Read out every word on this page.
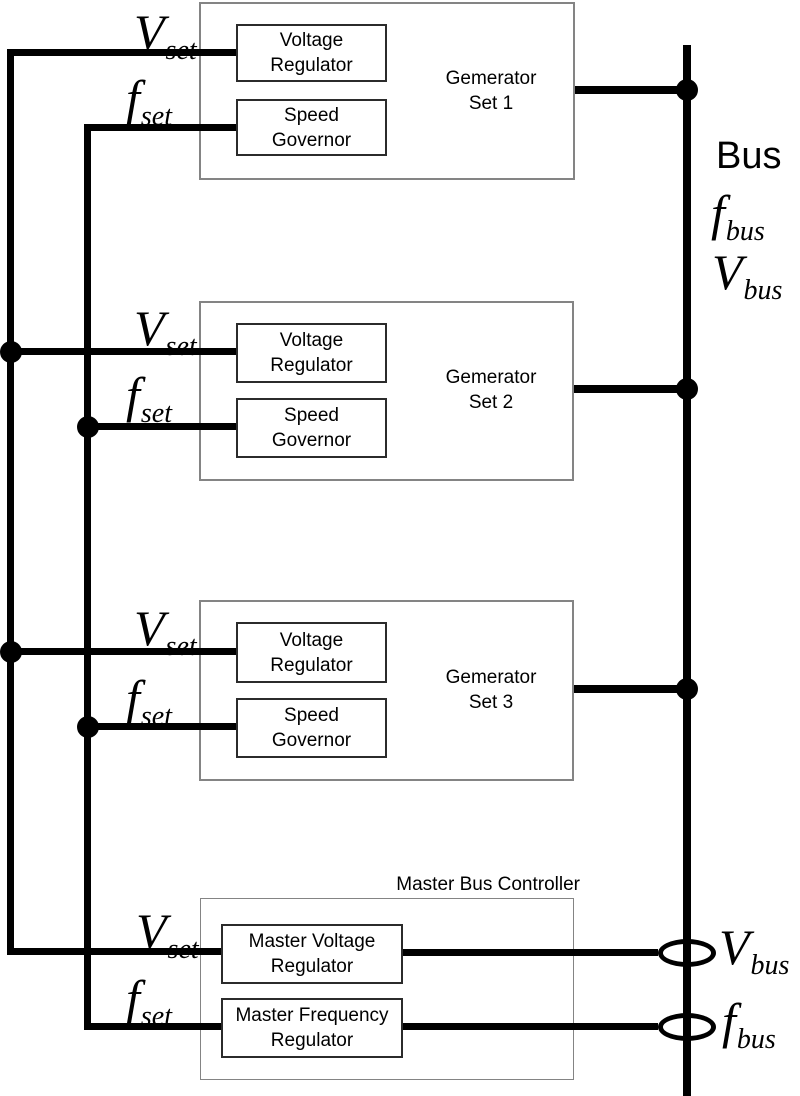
Gemerator
Set 1
Voltage
Regulator
Speed
Governor
Gemerator
Set 2
Voltage
Regulator
Speed
Governor
Gemerator
Set 3
Voltage
Regulator
Speed
Governor
Master Bus Controller
Master Voltage
Regulator
Master Frequency
Regulator
Vset
fset
Vset
fset
Vset
fset
Vset
fset
Bus
fbus
Vbus
Vbus
fbus
